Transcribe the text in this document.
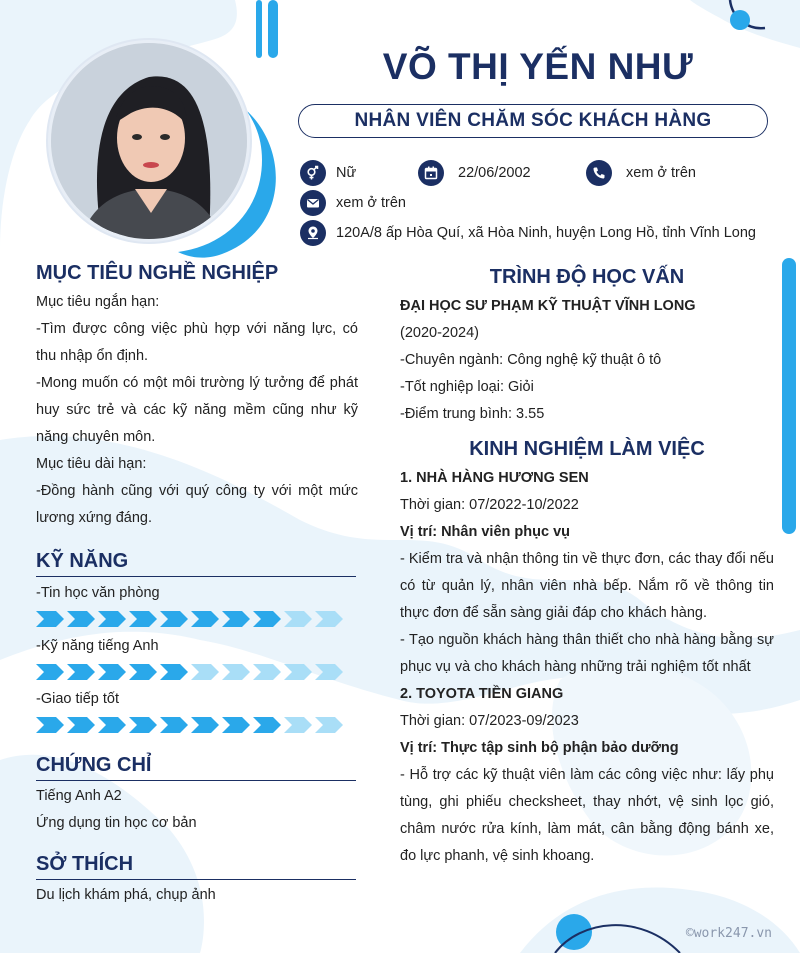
VÕ THỊ YẾN NHƯ
NHÂN VIÊN CHĂM SÓC KHÁCH HÀNG
Nữ	22/06/2002	xem ở trên
xem ở trên
120A/8 ấp Hòa Quí, xã Hòa Ninh, huyện Long Hồ, tỉnh Vĩnh Long
MỤC TIÊU NGHỀ NGHIỆP

Mục tiêu ngắn hạn:

-Tìm được công việc phù hợp với năng lực, có thu nhập ổn định.

-Mong muốn có một môi trường lý tưởng để phát huy sức trẻ và các kỹ năng mềm cũng như kỹ năng chuyên môn.

Mục tiêu dài hạn:

-Đồng hành cũng với quý công ty với một mức lương xứng đáng.

KỸ NĂNG

-Tin học văn phòng

-Kỹ năng tiếng Anh

-Giao tiếp tốt

CHỨNG CHỈ

Tiếng Anh A2

Ứng dụng tin học cơ bản

SỞ THÍCH

Du lịch khám phá, chụp ảnh

TRÌNH ĐỘ HỌC VẤN

ĐẠI HỌC SƯ PHẠM KỸ THUẬT VĨNH LONG

(2020-2024)

-Chuyên ngành: Công nghệ kỹ thuật ô tô

-Tốt nghiệp loại: Giỏi

-Điểm trung bình: 3.55

KINH NGHIỆM LÀM VIỆC

1. NHÀ HÀNG HƯƠNG SEN

Thời gian: 07/2022-10/2022

Vị trí: Nhân viên phục vụ

- Kiểm tra và nhận thông tin về thực đơn, các thay đổi nếu có từ quản lý, nhân viên nhà bếp. Nắm rõ về thông tin thực đơn để sẵn sàng giải đáp cho khách hàng.

- Tạo nguồn khách hàng thân thiết cho nhà hàng bằng sự phục vụ và cho khách hàng những trải nghiệm tốt nhất

2. TOYOTA TIỀN GIANG

Thời gian: 07/2023-09/2023

Vị trí: Thực tập sinh bộ phận bảo dưỡng

- Hỗ trợ các kỹ thuật viên làm các công việc như: lấy phụ tùng, ghi phiếu checksheet, thay nhớt, vệ sinh lọc gió, châm nước rửa kính, làm mát, cân bằng động bánh xe, đo lực phanh, vệ sinh khoang.

©work247.vn
